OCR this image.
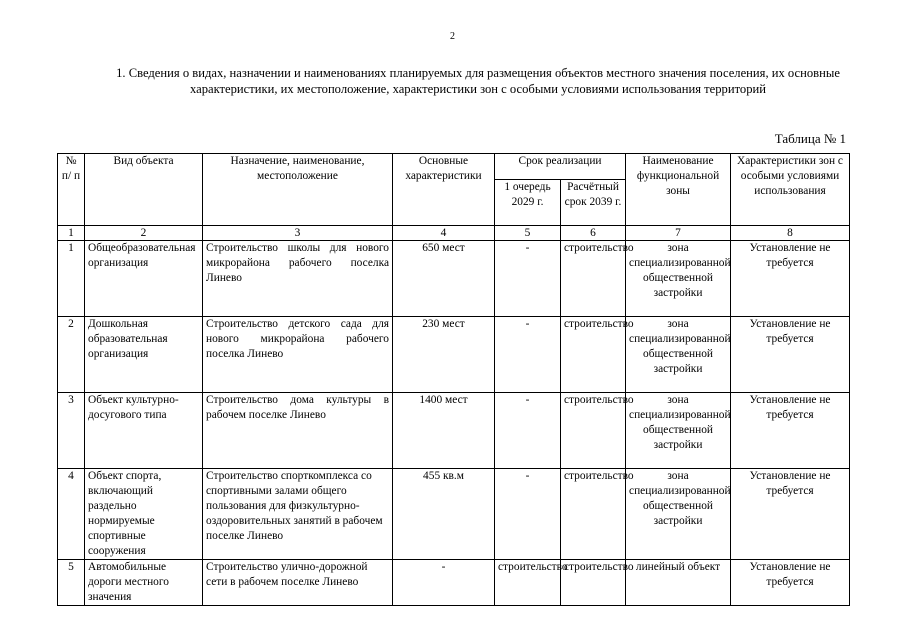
2
1. Сведения о видах, назначении и наименованиях планируемых для размещения объектов местного значения поселения, их основные характеристики, их местоположение, характеристики зон с особыми условиями использования территорий
Таблица № 1
№ п/ п	Вид объекта	Назначение, наименование, местоположение	Основные характеристики	Срок реализации		Наименование функциональной зоны	Характеристики зон с особыми условиями использования
				1 очередь 2029 г.	Расчётный срок 2039 г.		
1	2	3	4	5	6	7	8
1	Общеобразовательная организация	Строительство школы для нового микрорайона рабочего поселка Линево	650 мест	-	строительство	зона специализированной общественной застройки	Установление не требуется
2	Дошкольная образовательная организация	Строительство детского сада для нового микрорайона рабочего поселка Линево	230 мест	-	строительство	зона специализированной общественной застройки	Установление не требуется
3	Объект культурно-досугового типа	Строительство дома культуры в рабочем поселке Линево	1400 мест	-	строительство	зона специализированной общественной застройки	Установление не требуется
4	Объект спорта, включающий раздельно нормируемые спортивные сооружения	Строительство спорткомплекса со спортивными залами общего пользования для физкультурно-оздоровительных занятий в рабочем поселке Линево	455 кв.м	-	строительство	зона специализированной общественной застройки	Установление не требуется
5	Автомобильные дороги местного значения	Строительство улично-дорожной сети в рабочем поселке Линево	-	строительство	строительство	линейный объект	Установление не требуется
